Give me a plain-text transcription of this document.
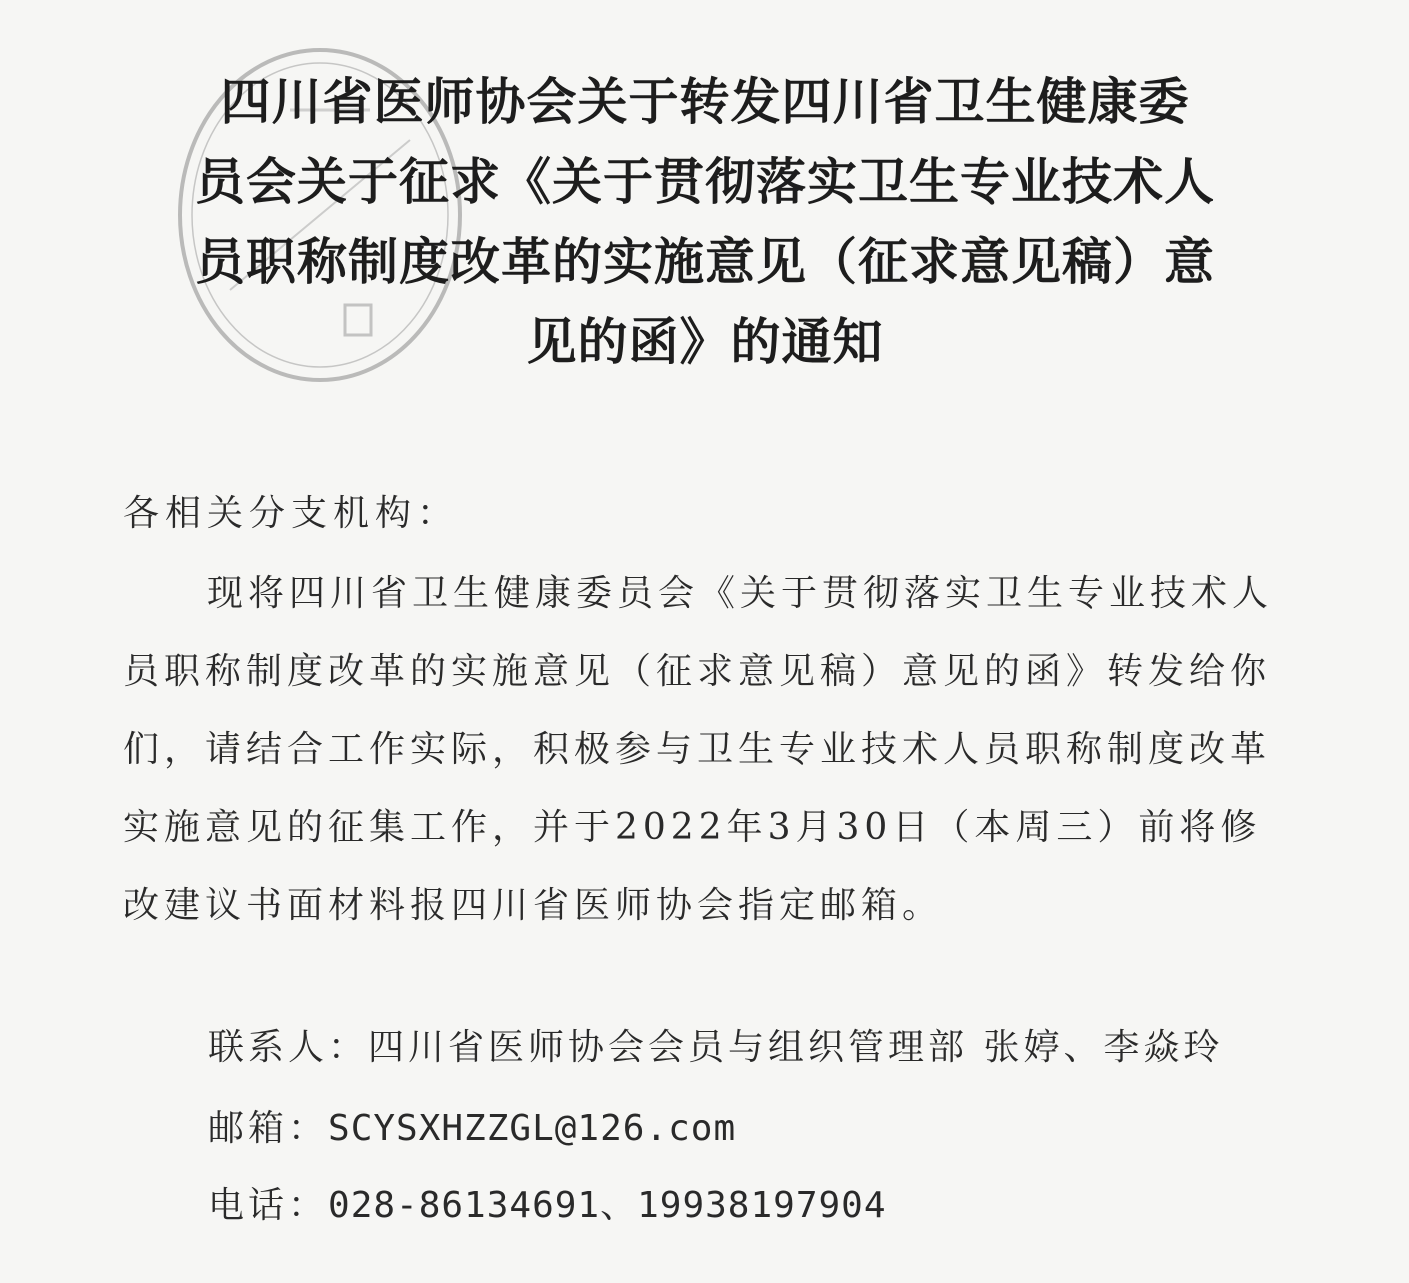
四川省医师协会关于转发四川省卫生健康委
员会关于征求《关于贯彻落实卫生专业技术人
员职称制度改革的实施意见（征求意见稿）意
见的函》的通知
各相关分支机构：
现将四川省卫生健康委员会《关于贯彻落实卫生专业技术人
员职称制度改革的实施意见（征求意见稿）意见的函》转发给你
们，请结合工作实际，积极参与卫生专业技术人员职称制度改革
实施意见的征集工作，并于2022年3月30日（本周三）前将修
改建议书面材料报四川省医师协会指定邮箱。
联系人：四川省医师协会会员与组织管理部 张婷、李焱玲
邮箱：SCYSXHZZGL@126.com
电话：028-86134691、19938197904
